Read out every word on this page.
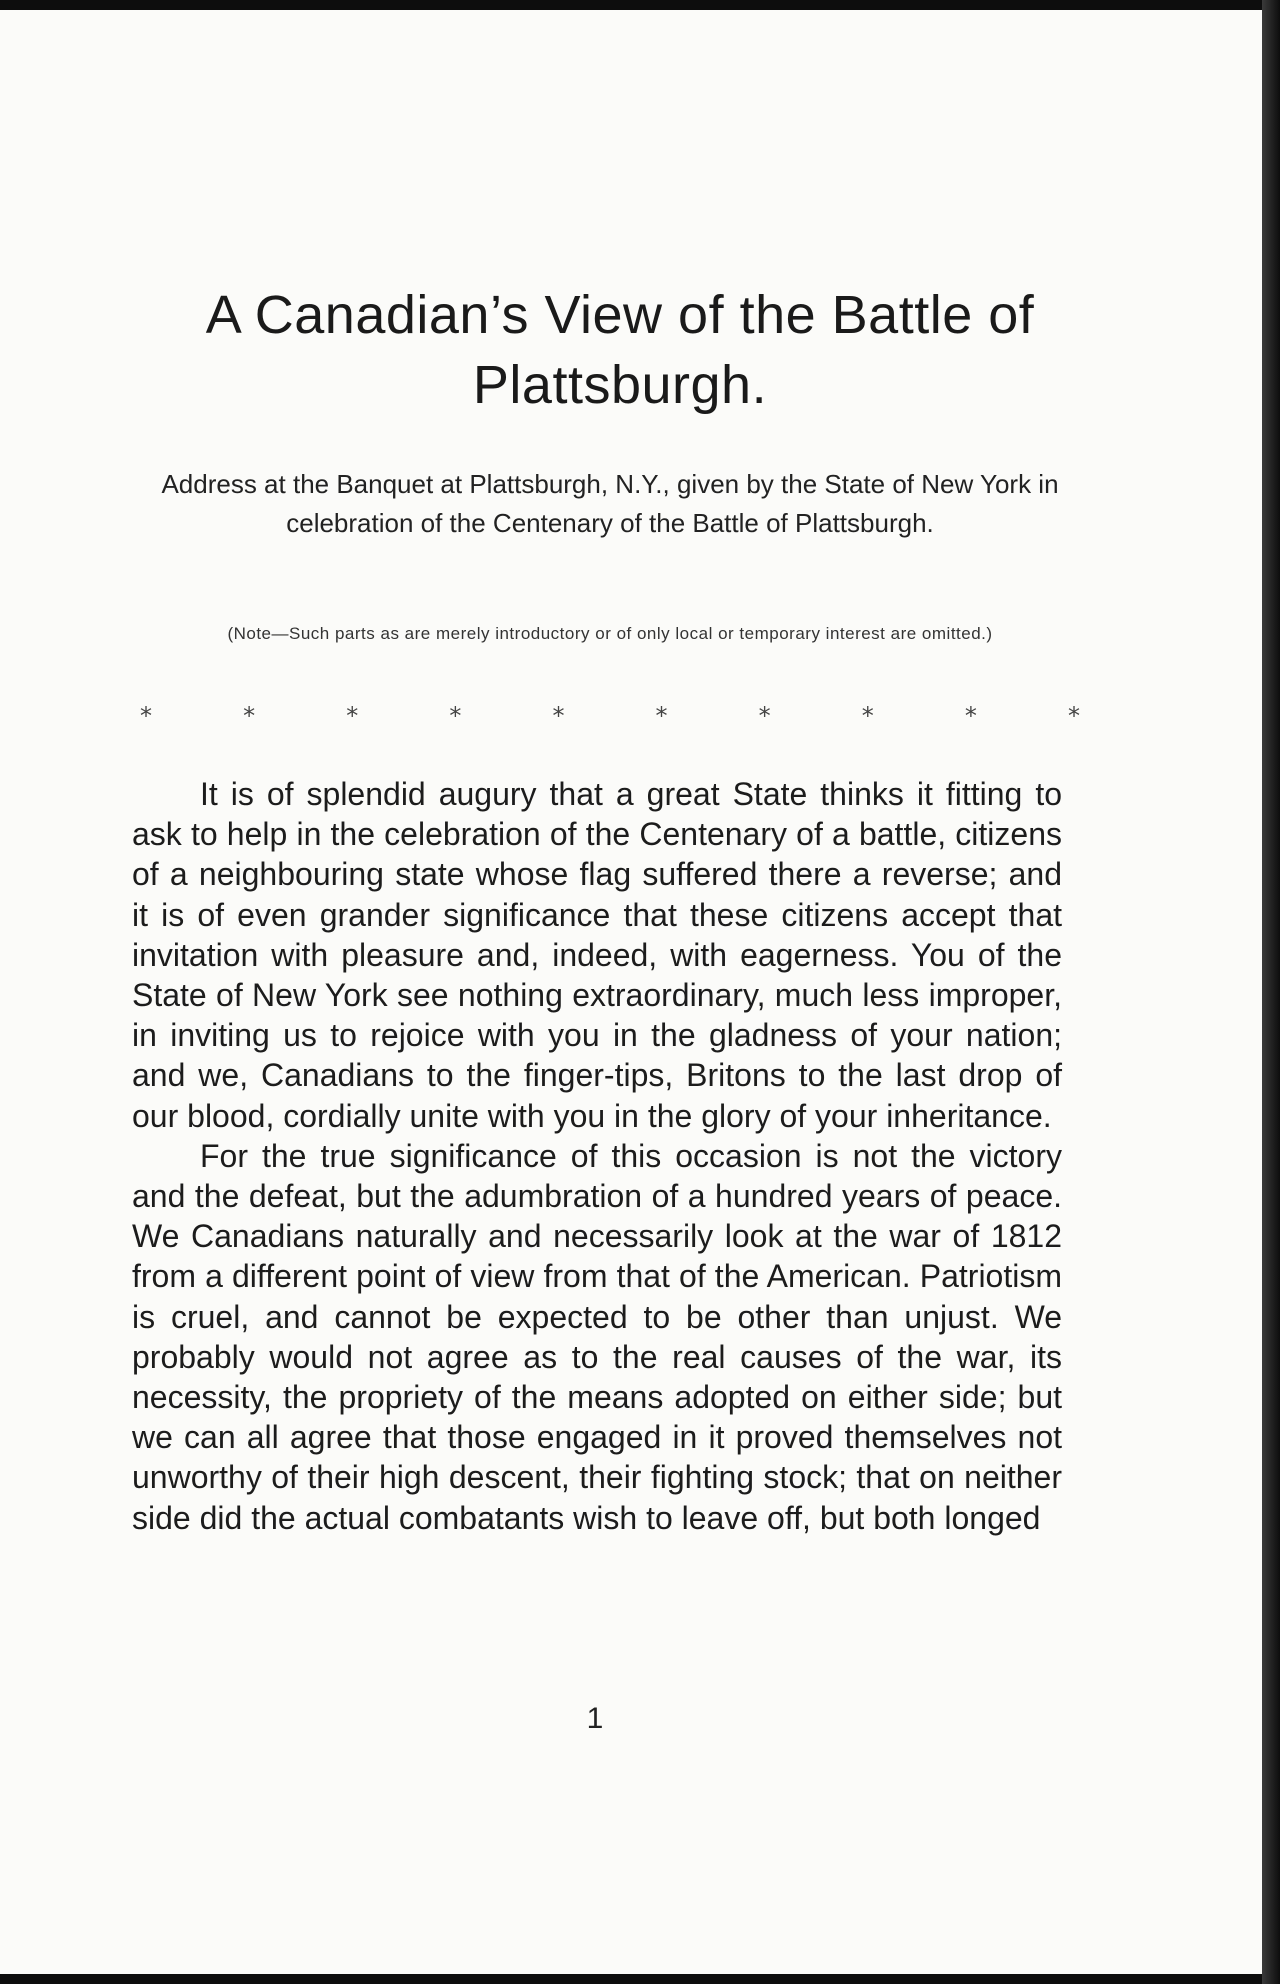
A Canadian’s View of the Battle of Plattsburgh.
Address at the Banquet at Plattsburgh, N.Y., given by the State of New York in celebration of the Centenary of the Battle of Plattsburgh.
(Note—Such parts as are merely introductory or of only local or temporary interest are omitted.)
*	*	*	*	*	*	*	*	*	*

It is of splendid augury that a great State thinks it fitting to ask to help in the celebration of the Centenary of a battle, citizens of a neighbouring state whose flag suffered there a reverse; and it is of even grander significance that these citizens accept that invitation with pleasure and, indeed, with eagerness. You of the State of New York see nothing extraordinary, much less improper, in inviting us to rejoice with you in the gladness of your nation; and we, Canadians to the finger-tips, Britons to the last drop of our blood, cordially unite with you in the glory of your inheritance.

For the true significance of this occasion is not the victory and the defeat, but the adumbration of a hundred years of peace. We Canadians naturally and necessarily look at the war of 1812 from a different point of view from that of the American. Patriotism is cruel, and cannot be expected to be other than unjust. We probably would not agree as to the real causes of the war, its necessity, the propriety of the means adopted on either side; but we can all agree that those engaged in it proved themselves not unworthy of their high descent, their fighting stock; that on neither side did the actual combatants wish to leave off, but both longed

1
